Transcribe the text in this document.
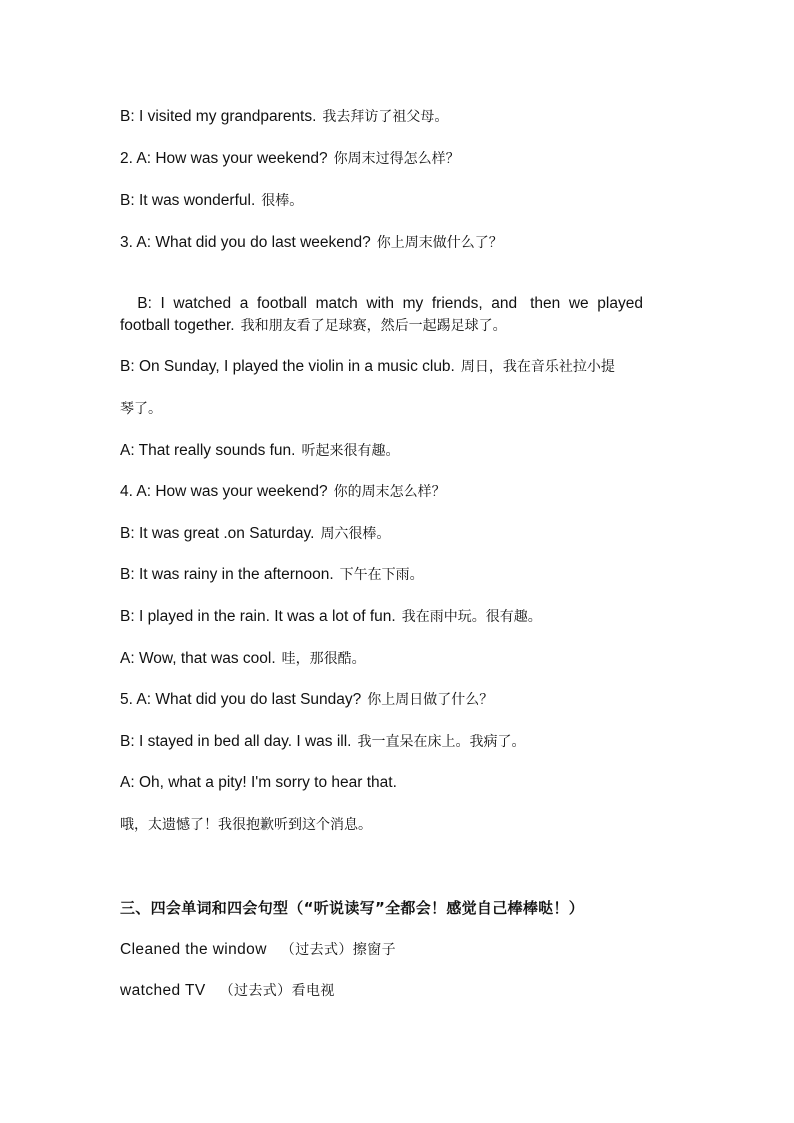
B: I visited my grandparents. 我去拜访了祖父母。
2. A: How was your weekend? 你周末过得怎么样？
B: It was wonderful. 很棒。
3. A: What did you do last weekend? 你上周末做什么了？

B:  I  watched  a  football  match  with  my  friends,  and   then  we  played

football together. 我和朋友看了足球赛，然后一起踢足球了。
B: On Sunday, I played the violin in a music club. 周日，我在音乐社拉小提
琴了。
A: That really sounds fun. 听起来很有趣。
4. A: How was your weekend? 你的周末怎么样？
B: It was great .on Saturday. 周六很棒。
B: It was rainy in the afternoon. 下午在下雨。
B: I played in the rain. It was a lot of fun. 我在雨中玩。很有趣。
A: Wow, that was cool. 哇，那很酷。
5. A: What did you do last Sunday? 你上周日做了什么？
B: I stayed in bed all day. I was ill. 我一直呆在床上。我病了。
A: Oh, what a pity! I'm sorry to hear that.
哦，太遗憾了！我很抱歉听到这个消息。
三、四会单词和四会句型（“听说读写”全都会！感觉自己棒棒哒！）
Cleaned the window （过去式）擦窗子
watched TV （过去式）看电视
